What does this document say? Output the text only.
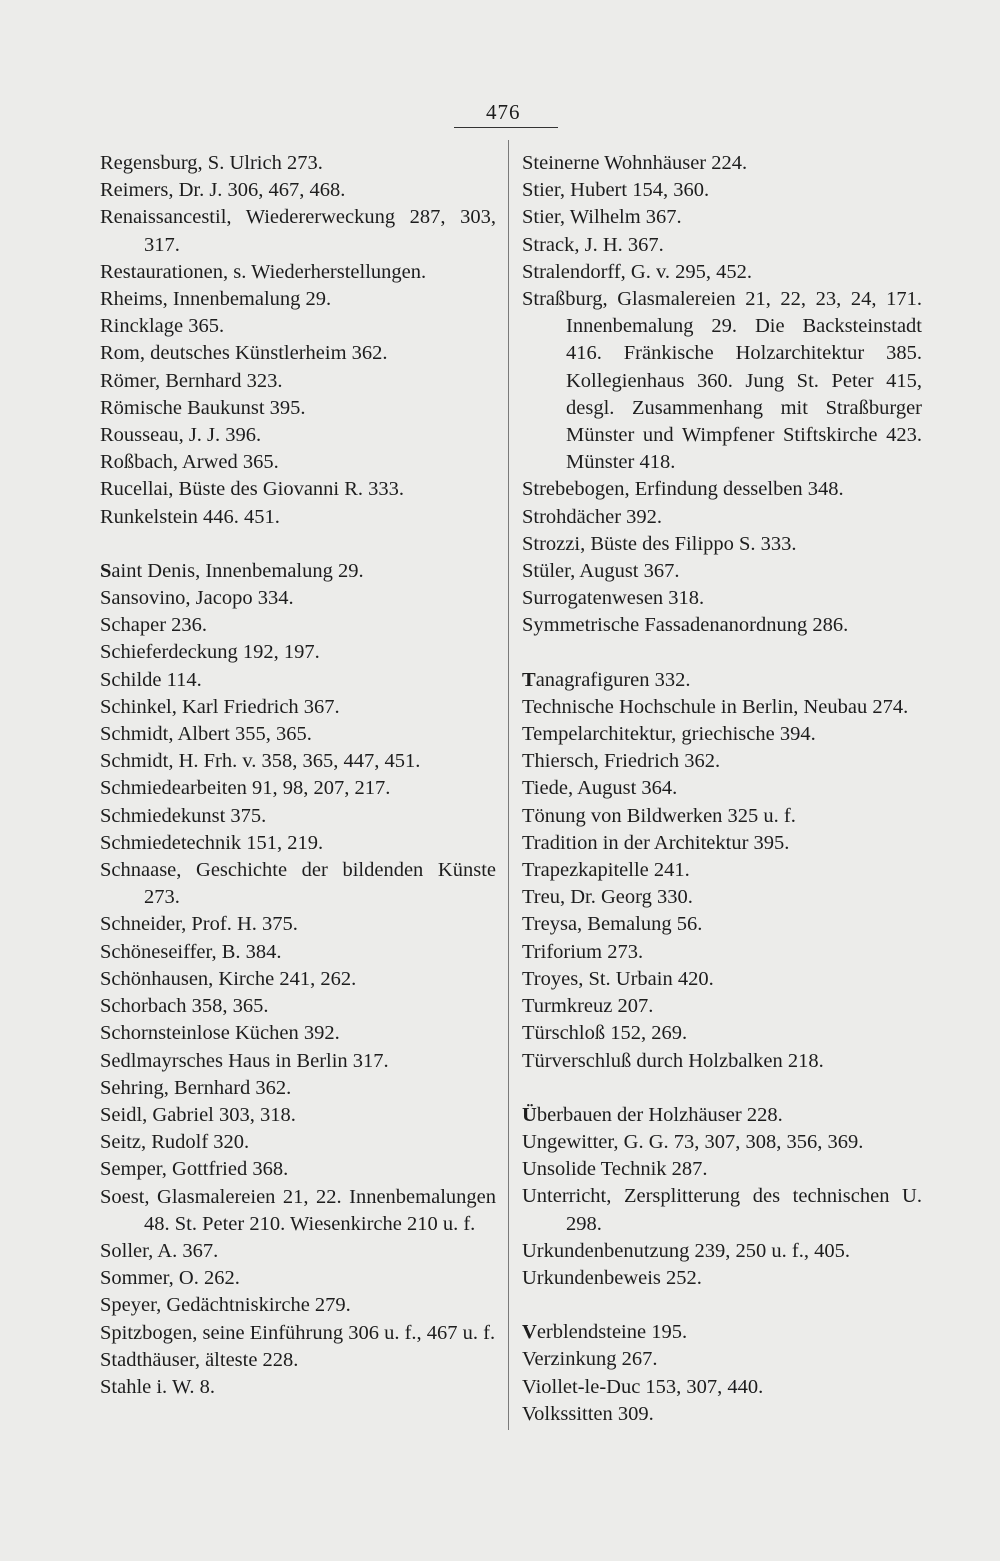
476
Regensburg, S. Ulrich 273.
Reimers, Dr. J. 306, 467, 468.
Renaissancestil, Wiedererweckung 287, 303, 317.
Restaurationen, s. Wiederherstellungen.
Rheims, Innenbemalung 29.
Rincklage 365.
Rom, deutsches Künstlerheim 362.
Römer, Bernhard 323.
Römische Baukunst 395.
Rousseau, J. J. 396.
Roßbach, Arwed 365.
Rucellai, Büste des Giovanni R. 333.
Runkelstein 446. 451.
Saint Denis, Innenbemalung 29.
Sansovino, Jacopo 334.
Schaper 236.
Schieferdeckung 192, 197.
Schilde 114.
Schinkel, Karl Friedrich 367.
Schmidt, Albert 355, 365.
Schmidt, H. Frh. v. 358, 365, 447, 451.
Schmiedearbeiten 91, 98, 207, 217.
Schmiedekunst 375.
Schmiedetechnik 151, 219.
Schnaase, Geschichte der bildenden Künste 273.
Schneider, Prof. H. 375.
Schöneseiffer, B. 384.
Schönhausen, Kirche 241, 262.
Schorbach 358, 365.
Schornsteinlose Küchen 392.
Sedlmayrsches Haus in Berlin 317.
Sehring, Bernhard 362.
Seidl, Gabriel 303, 318.
Seitz, Rudolf 320.
Semper, Gottfried 368.
Soest, Glasmalereien 21, 22. Innenbemalungen 48. St. Peter 210. Wiesenkirche 210 u. f.
Soller, A. 367.
Sommer, O. 262.
Speyer, Gedächtniskirche 279.
Spitzbogen, seine Einführung 306 u. f., 467 u. f.
Stadthäuser, älteste 228.
Stahle i. W. 8.
Steinerne Wohnhäuser 224.
Stier, Hubert 154, 360.
Stier, Wilhelm 367.
Strack, J. H. 367.
Stralendorff, G. v. 295, 452.
Straßburg, Glasmalereien 21, 22, 23, 24, 171. Innenbemalung 29. Die Backsteinstadt 416. Fränkische Holzarchitektur 385. Kollegienhaus 360. Jung St. Peter 415, desgl. Zusammenhang mit Straßburger Münster und Wimpfener Stiftskirche 423. Münster 418.
Strebebogen, Erfindung desselben 348.
Strohdächer 392.
Strozzi, Büste des Filippo S. 333.
Stüler, August 367.
Surrogatenwesen 318.
Symmetrische Fassadenanordnung 286.
Tanagrafiguren 332.
Technische Hochschule in Berlin, Neubau 274.
Tempelarchitektur, griechische 394.
Thiersch, Friedrich 362.
Tiede, August 364.
Tönung von Bildwerken 325 u. f.
Tradition in der Architektur 395.
Trapezkapitelle 241.
Treu, Dr. Georg 330.
Treysa, Bemalung 56.
Triforium 273.
Troyes, St. Urbain 420.
Turmkreuz 207.
Türschloß 152, 269.
Türverschluß durch Holzbalken 218.
Überbauen der Holzhäuser 228.
Ungewitter, G. G. 73, 307, 308, 356, 369.
Unsolide Technik 287.
Unterricht, Zersplitterung des technischen U. 298.
Urkundenbenutzung 239, 250 u. f., 405.
Urkundenbeweis 252.
Verblendsteine 195.
Verzinkung 267.
Viollet-le-Duc 153, 307, 440.
Volkssitten 309.
